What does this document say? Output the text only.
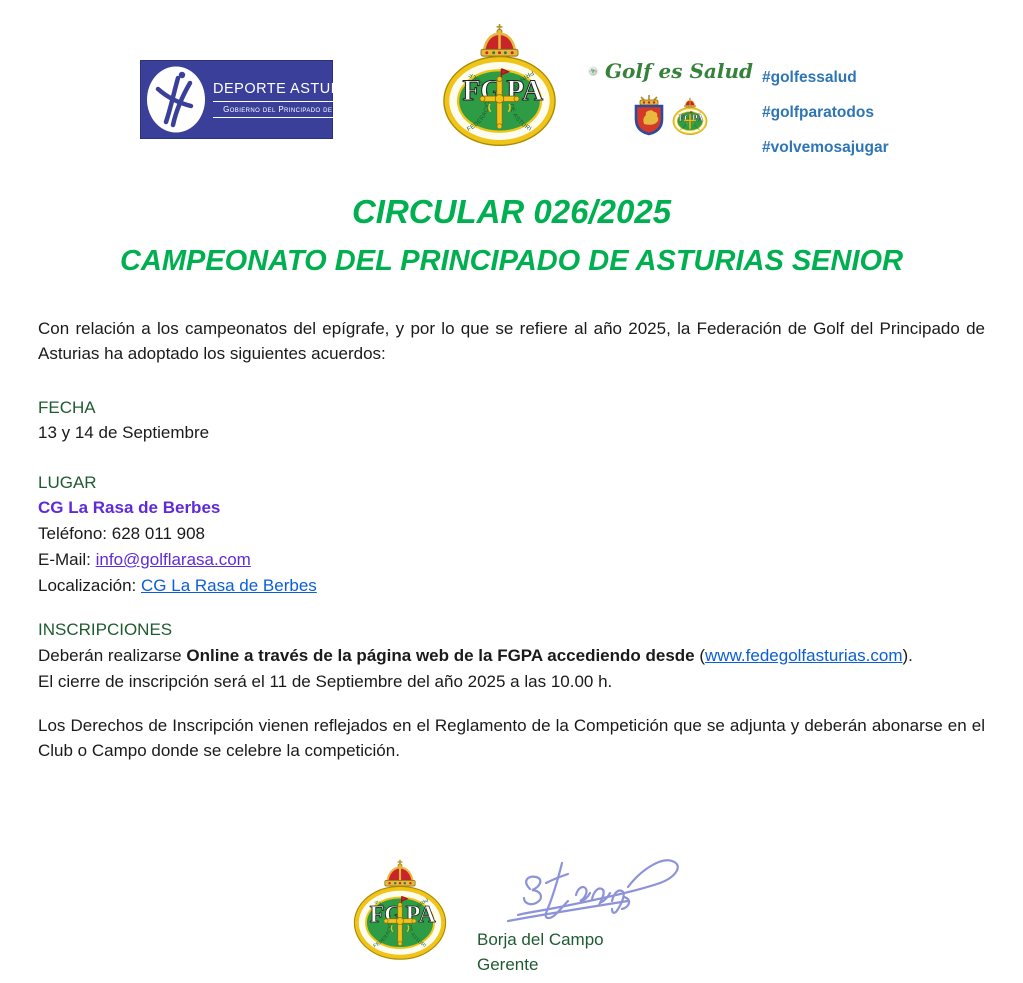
DEPORTE ASTURIANO
Gobierno del Principado de Asturias
Golf es Salud #golfessalud
#golfparatodos
#volvemosajugar
CIRCULAR 026/2025
CAMPEONATO DEL PRINCIPADO DE ASTURIAS SENIOR

Con relación a los campeonatos del epígrafe, y por lo que se refiere al año 2025, la Federación de Golf del Principado de Asturias ha adoptado los siguientes acuerdos:

FECHA
13 y 14 de Septiembre
LUGAR
CG La Rasa de Berbes
Teléfono: 628 011 908
E-Mail: info@golflarasa.com
Localización: CG La Rasa de Berbes
INSCRIPCIONES
Deberán realizarse Online a través de la página web de la FGPA accediendo desde (www.fedegolfasturias.com).
El cierre de inscripción será el 11 de Septiembre del año 2025 a las 10.00 h.

Los Derechos de Inscripción vienen reflejados en el Reglamento de la Competición que se adjunta y deberán abonarse en el Club o Campo donde se celebre la competición.

Borja del Campo
Gerente
